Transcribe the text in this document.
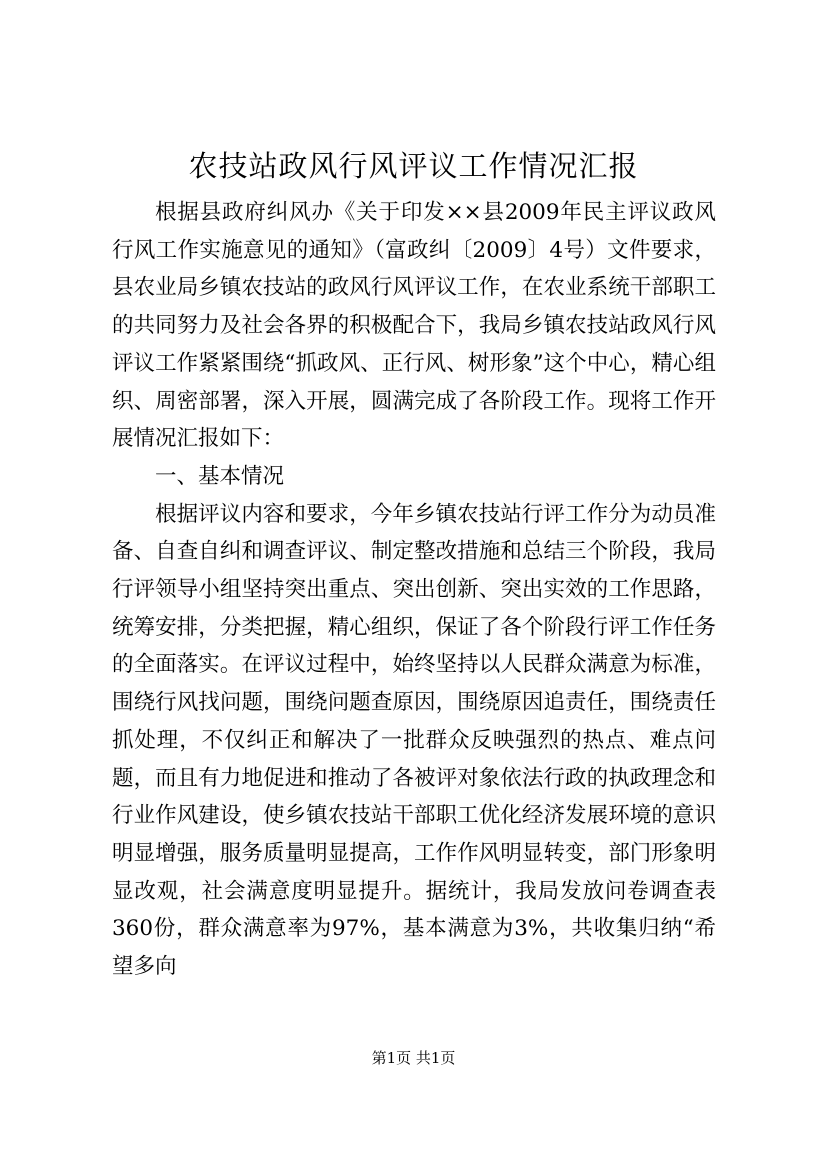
农技站政风行风评议工作情况汇报

根据县政府纠风办《关于印发××县2009年民主评议政风行风工作实施意见的通知》（富政纠〔2009〕4号）文件要求，县农业局乡镇农技站的政风行风评议工作，在农业系统干部职工的共同努力及社会各界的积极配合下，我局乡镇农技站政风行风评议工作紧紧围绕“抓政风、正行风、树形象”这个中心，精心组织、周密部署，深入开展，圆满完成了各阶段工作。现将工作开展情况汇报如下：

一、基本情况

根据评议内容和要求，今年乡镇农技站行评工作分为动员准备、自查自纠和调查评议、制定整改措施和总结三个阶段，我局行评领导小组坚持突出重点、突出创新、突出实效的工作思路，统筹安排，分类把握，精心组织，保证了各个阶段行评工作任务的全面落实。在评议过程中，始终坚持以人民群众满意为标准，围绕行风找问题，围绕问题查原因，围绕原因追责任，围绕责任抓处理，不仅纠正和解决了一批群众反映强烈的热点、难点问题，而且有力地促进和推动了各被评对象依法行政的执政理念和行业作风建设，使乡镇农技站干部职工优化经济发展环境的意识明显增强，服务质量明显提高，工作作风明显转变，部门形象明显改观，社会满意度明显提升。据统计，我局发放问卷调查表360份，群众满意率为97%，基本满意为3%，共收集归纳“希望多向

第1页 共1页
